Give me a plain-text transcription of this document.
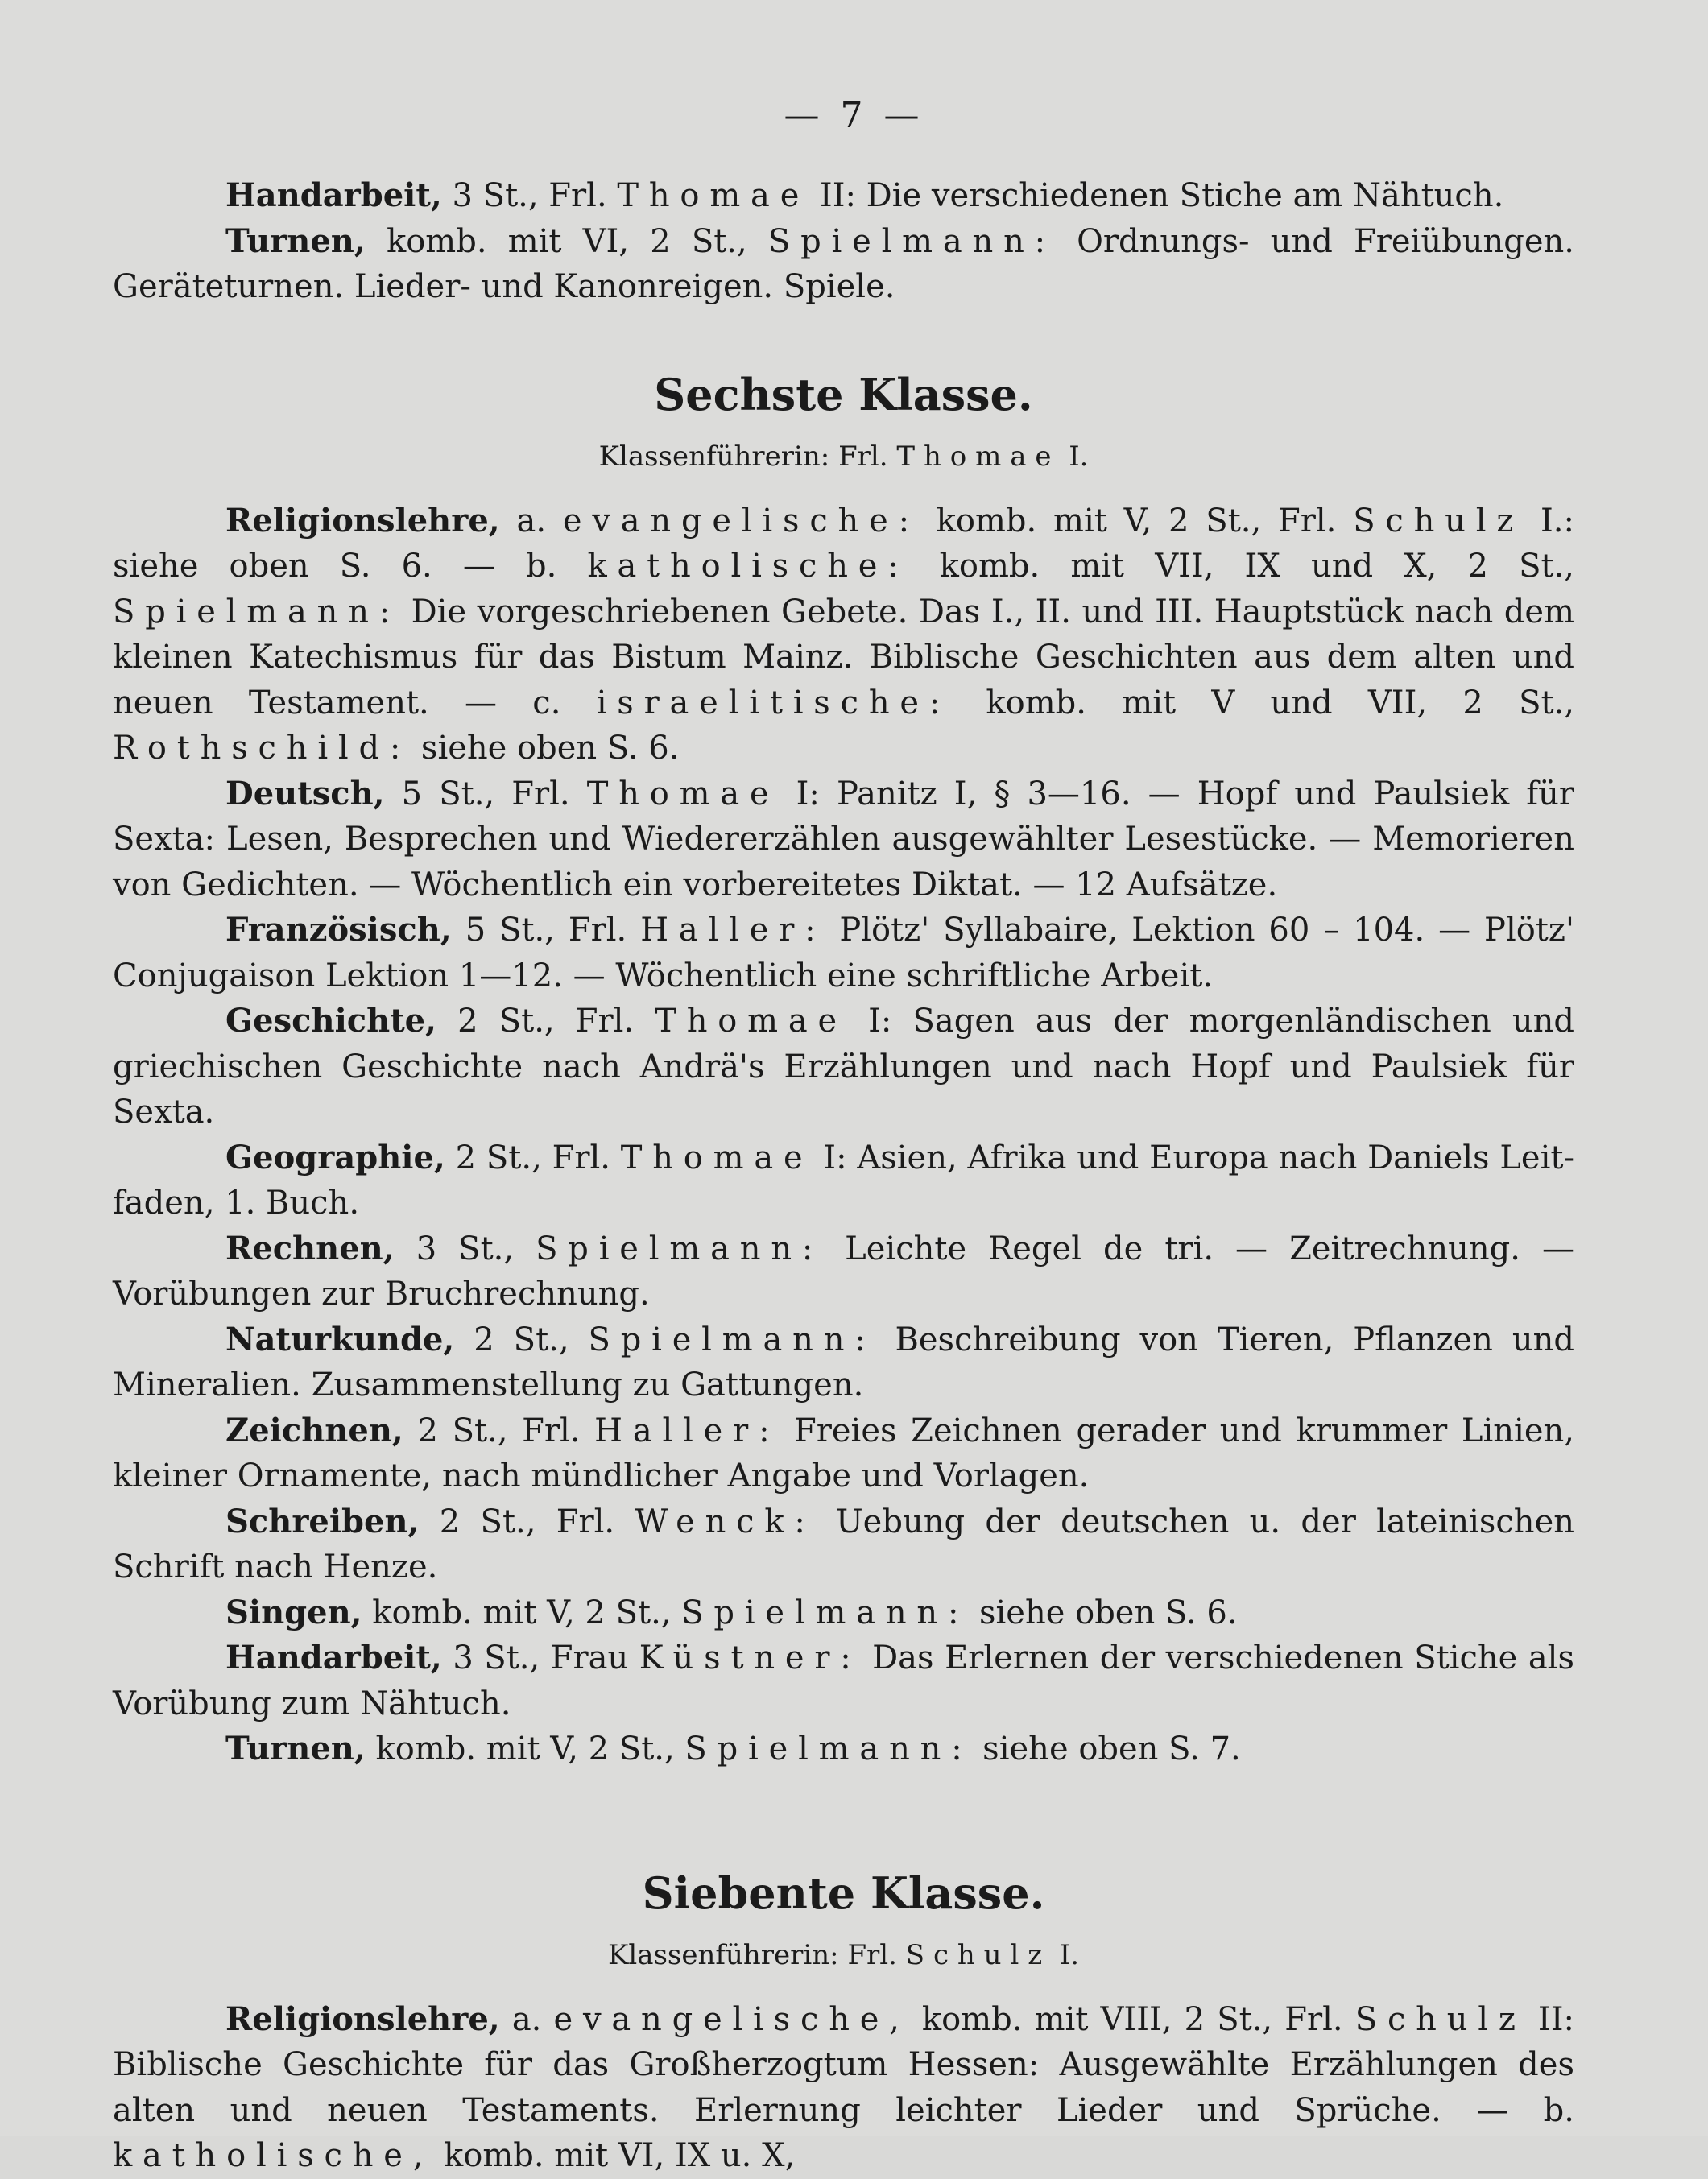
— 7 —

Handarbeit, 3 St., Frl. Thomae II: Die verschiedenen Stiche am Nähtuch.

Turnen, komb. mit VI, 2 St., Spielmann: Ordnungs- und Freiübungen. Geräteturnen. Lieder- und Kanonreigen. Spiele.

Sechste Klasse.
Klassenführerin: Frl. Thomae I.

Religionslehre, a. evangelische: komb. mit V, 2 St., Frl. Schulz I.: siehe oben S. 6. — b. katholische: komb. mit VII, IX und X, 2 St., Spielmann: Die vorgeschriebenen Gebete. Das I., II. und III. Hauptstück nach dem kleinen Katechismus für das Bistum Mainz. Biblische Geschichten aus dem alten und neuen Testament. — c. israelitische: komb. mit V und VII, 2 St., Rothschild: siehe oben S. 6.

Deutsch, 5 St., Frl. Thomae I: Panitz I, § 3—16. — Hopf und Paulsiek für Sexta: Lesen, Besprechen und Wiedererzählen ausgewählter Lesestücke. — Memorieren von Gedichten. — Wöchentlich ein vorbereitetes Diktat. — 12 Aufsätze.

Französisch, 5 St., Frl. Haller: Plötz' Syllabaire, Lektion 60 – 104. — Plötz' Conjugaison Lektion 1—12. — Wöchentlich eine schriftliche Arbeit.

Geschichte, 2 St., Frl. Thomae I: Sagen aus der morgenländischen und griechischen Geschichte nach Andrä's Erzählungen und nach Hopf und Paulsiek für Sexta.

Geographie, 2 St., Frl. Thomae I: Asien, Afrika und Europa nach Daniels Leit-faden, 1. Buch.

Rechnen, 3 St., Spielmann: Leichte Regel de tri. — Zeitrechnung. — Vorübungen zur Bruchrechnung.

Naturkunde, 2 St., Spielmann: Beschreibung von Tieren, Pflanzen und Mineralien. Zusammenstellung zu Gattungen.

Zeichnen, 2 St., Frl. Haller: Freies Zeichnen gerader und krummer Linien, kleiner Ornamente, nach mündlicher Angabe und Vorlagen.

Schreiben, 2 St., Frl. Wenck: Uebung der deutschen u. der lateinischen Schrift nach Henze.

Singen, komb. mit V, 2 St., Spielmann: siehe oben S. 6.

Handarbeit, 3 St., Frau Küstner: Das Erlernen der verschiedenen Stiche als Vorübung zum Nähtuch.

Turnen, komb. mit V, 2 St., Spielmann: siehe oben S. 7.

Siebente Klasse.
Klassenführerin: Frl. Schulz I.

Religionslehre, a. evangelische, komb. mit VIII, 2 St., Frl. Schulz II: Biblische Geschichte für das Großherzogtum Hessen: Ausgewählte Erzählungen des alten und neuen Testaments. Erlernung leichter Lieder und Sprüche. — b. katholische, komb. mit VI, IX u. X,
